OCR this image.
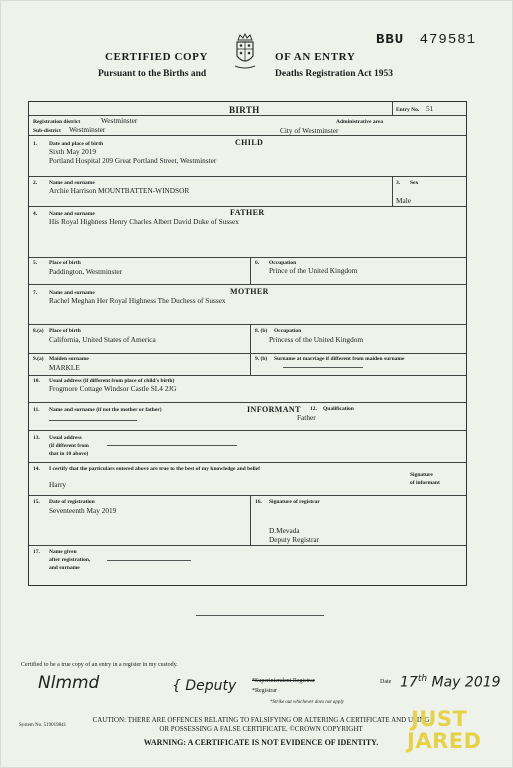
CERTIFIED COPY
Pursuant to the Births and
OF AN ENTRY
Deaths Registration Act 1953
BBU 479581
BIRTH	Entry No. 51
Registration district	Westminster	Administrative area
Sub-district Westminster	City of Westminster
CHILD
1. Date and place of birth
Sixth May 2019
Portland Hospital 209 Great Portland Street, Westminster
2. Name and surname
Archie Harrison MOUNTBATTEN-WINDSOR
3. Sex
Male
FATHER
4. Name and surname
His Royal Highness Henry Charles Albert David Duke of Sussex
5. Place of birth
Paddington, Westminster
6. Occupation
Prince of the United Kingdom
MOTHER
7. Name and surname
Rachel Meghan Her Royal Highness The Duchess of Sussex
8.(a) Place of birth
California, United States of America
8. (b) Occupation
Princess of the United Kingdom
9.(a) Maiden surname
MARKLE
9. (b) Surname at marriage if different from maiden surname
10. Usual address (if different from place of child's birth)
Frogmore Cottage Windsor Castle SL4 2JG
INFORMANT
11. Name and surname (if not the mother or father)	12. Qualification
Father
13. Usual address
(if different from
that in 10 above)
14. I certify that the particulars entered above are true to the best of my knowledge and belief
Harry
Signature
of informant
15. Date of registration
Seventeenth May 2019
16. Signature of registrar
D.Mevada
Deputy Registrar
17. Name given
after registration,
and surname
Certified to be a true copy of an entry in a register in my custody.
Nlmmd	{ Deputy	*Superintendent Registrar
*Registrar
*Strike out whichever does not apply
Date 17th May 2019
System No. 519019841
CAUTION: THERE ARE OFFENCES RELATING TO FALSIFYING OR ALTERING A CERTIFICATE AND USING
OR POSSESSING A FALSE CERTIFICATE. ©CROWN COPYRIGHT
WARNING: A CERTIFICATE IS NOT EVIDENCE OF IDENTITY.
JUST
JARED
